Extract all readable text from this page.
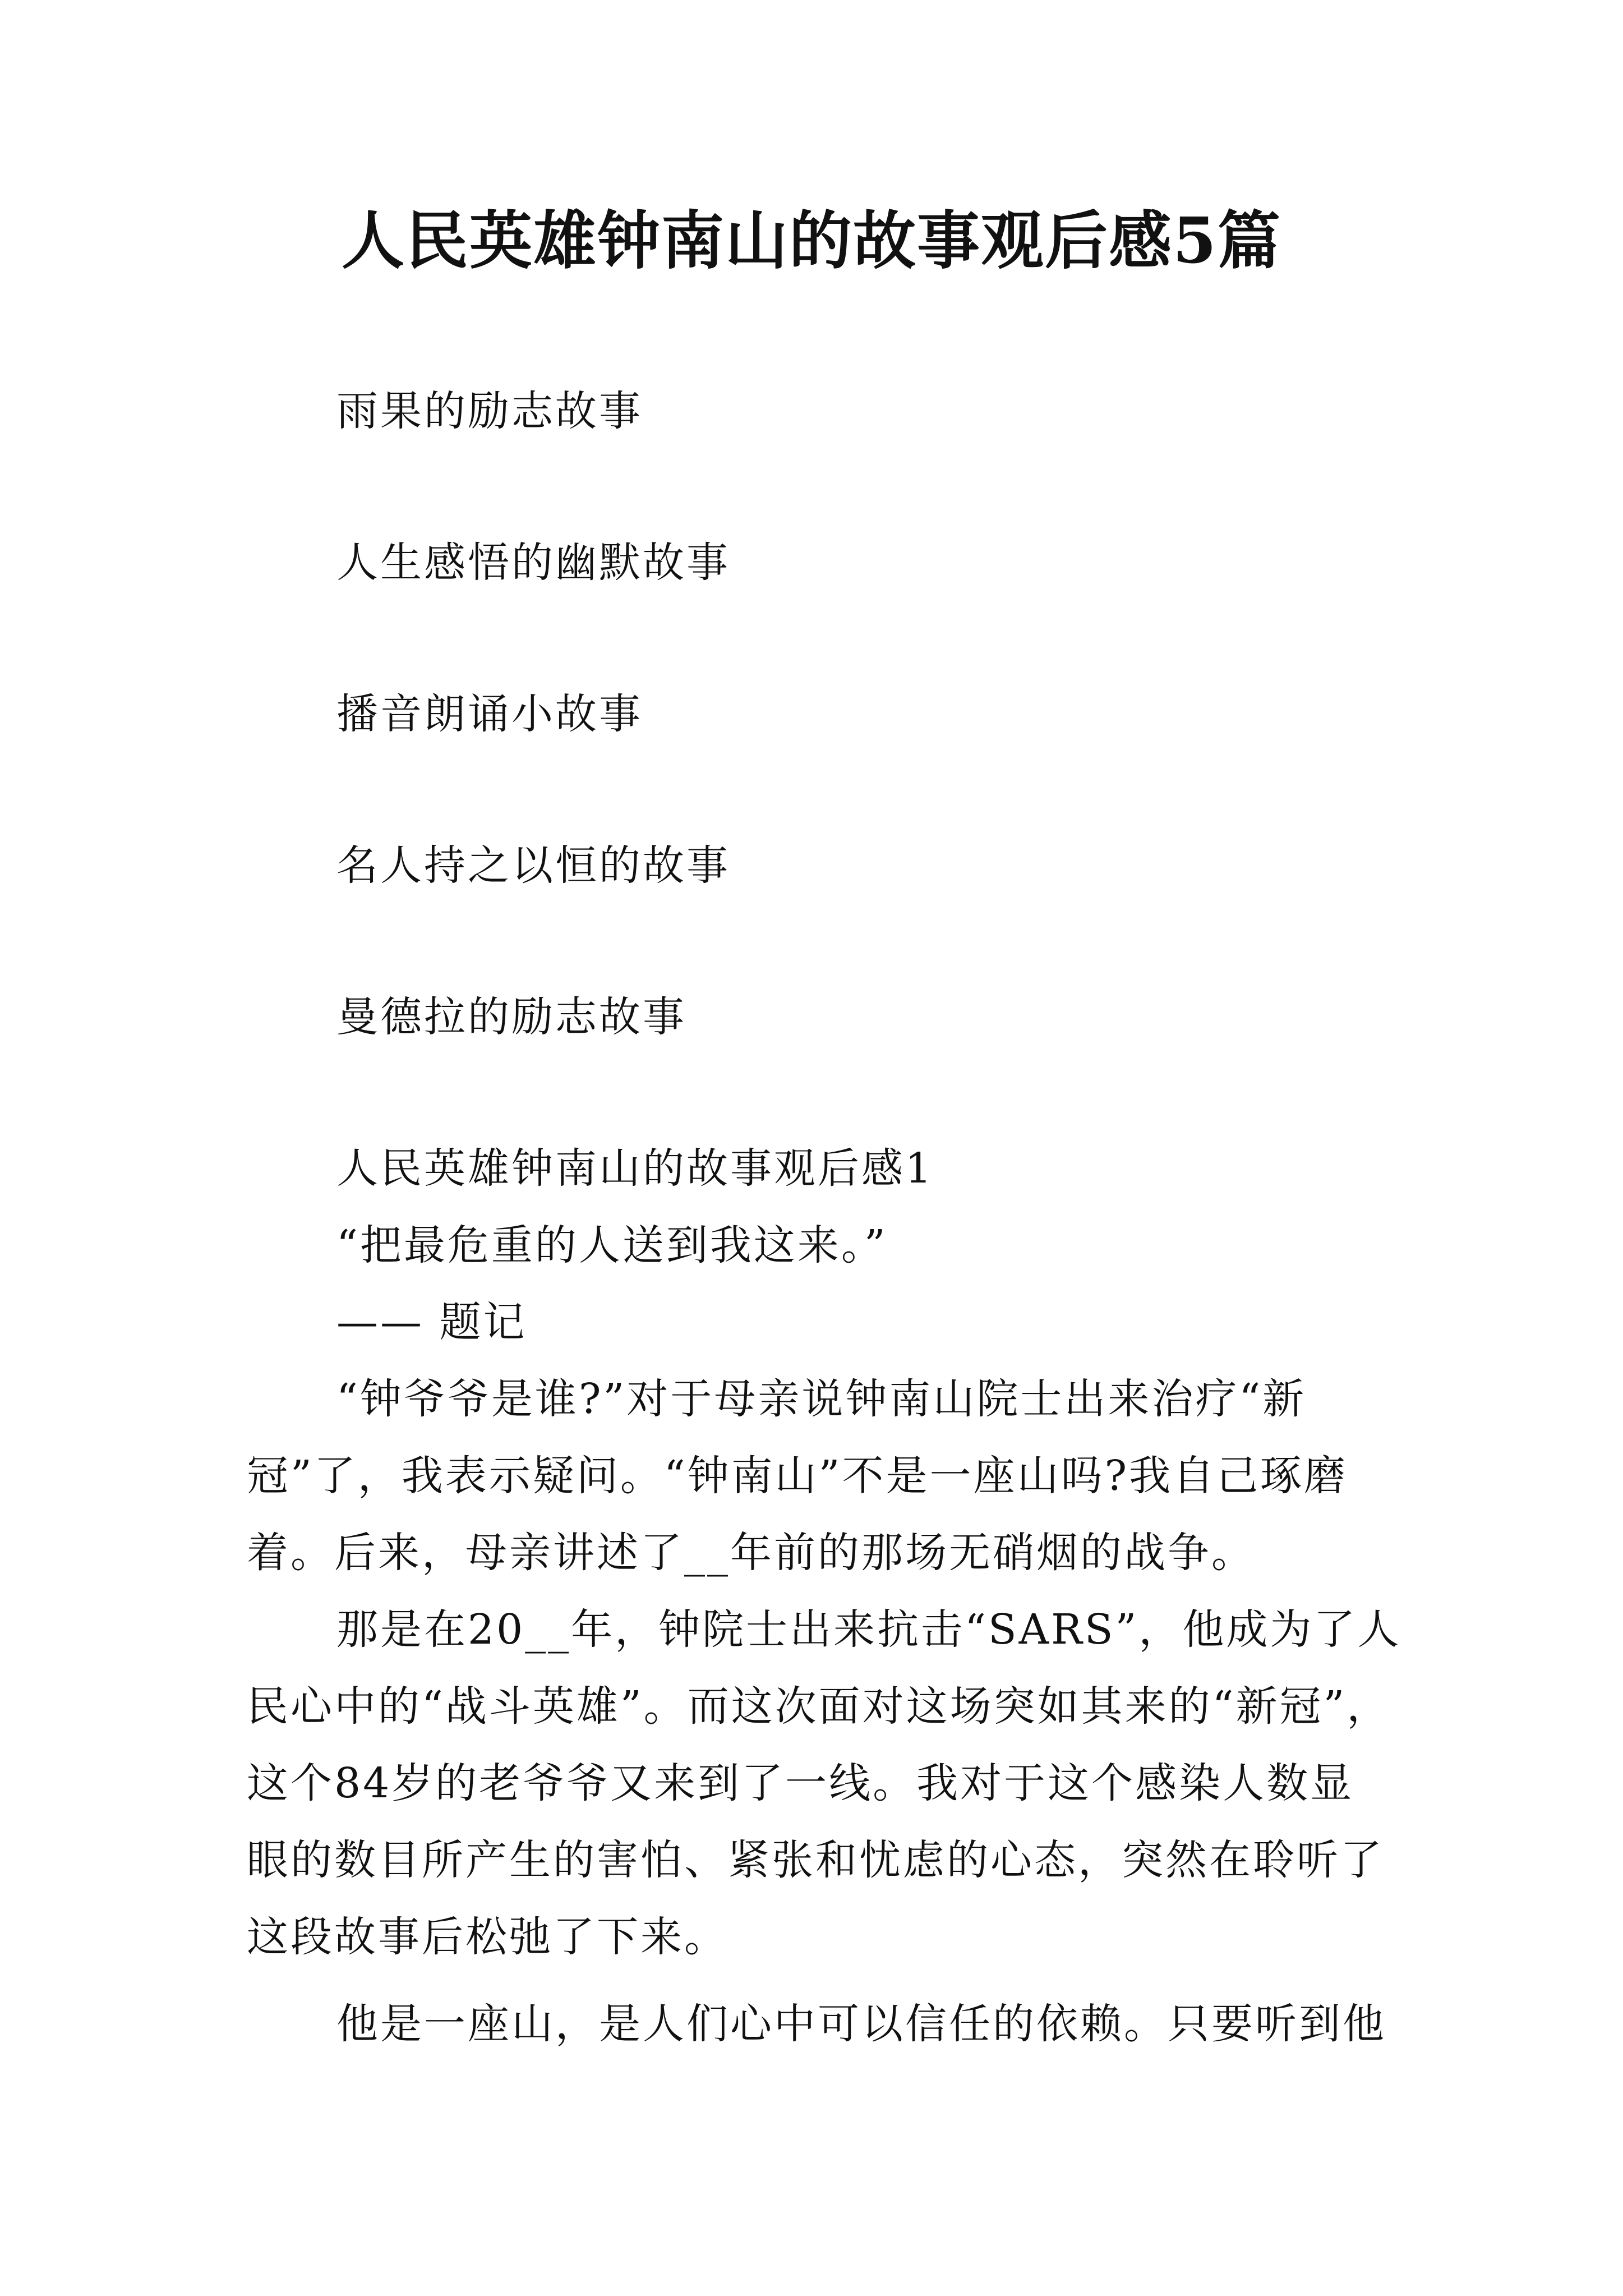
人民英雄钟南山的故事观后感5篇
雨果的励志故事
人生感悟的幽默故事
播音朗诵小故事
名人持之以恒的故事
曼德拉的励志故事
人民英雄钟南山的故事观后感1
“把最危重的人送到我这来。”
—— 题记
“钟爷爷是谁?”对于母亲说钟南山院士出来治疗“新
冠”了，我表示疑问。“钟南山”不是一座山吗?我自己琢磨
着。后来，母亲讲述了__年前的那场无硝烟的战争。
那是在20__年，钟院士出来抗击“SARS”，他成为了人
民心中的“战斗英雄”。而这次面对这场突如其来的“新冠”，
这个84岁的老爷爷又来到了一线。我对于这个感染人数显
眼的数目所产生的害怕、紧张和忧虑的心态，突然在聆听了
这段故事后松弛了下来。
他是一座山，是人们心中可以信任的依赖。只要听到他
